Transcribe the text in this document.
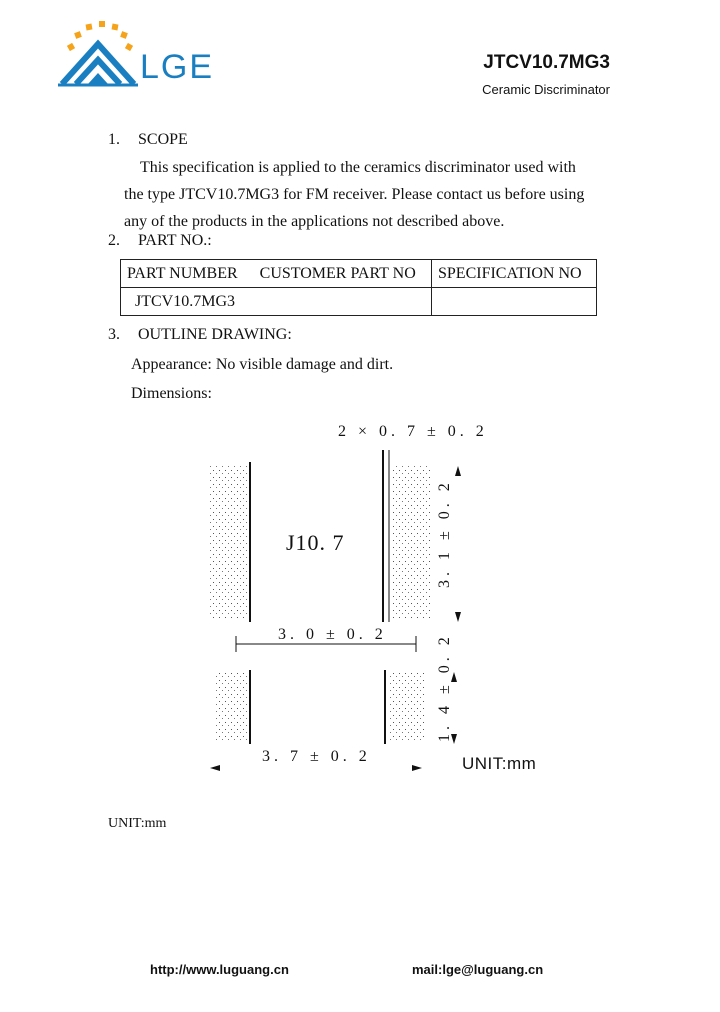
LGE	JTCV10.7MG3
Ceramic Discriminator
1. SCOPE
This specification is applied to the ceramics discriminator used with
the type JTCV10.7MG3 for FM receiver. Please contact us before using
any of the products in the applications not described above.
2. PART NO.:
PART NUMBER CUSTOMER PART NO	SPECIFICATION NO
JTCV10.7MG3	
3. OUTLINE DRAWING:
Appearance: No visible damage and dirt.
Dimensions:
J10. 7
2 × 0. 7 ± 0. 2
3. 1 ± 0. 2
3. 0 ± 0. 2	1. 4 ± 0. 2
3. 7 ± 0. 2	UNIT:mm
UNIT:mm
http://www.luguang.cn	mail:lge@luguang.cn
